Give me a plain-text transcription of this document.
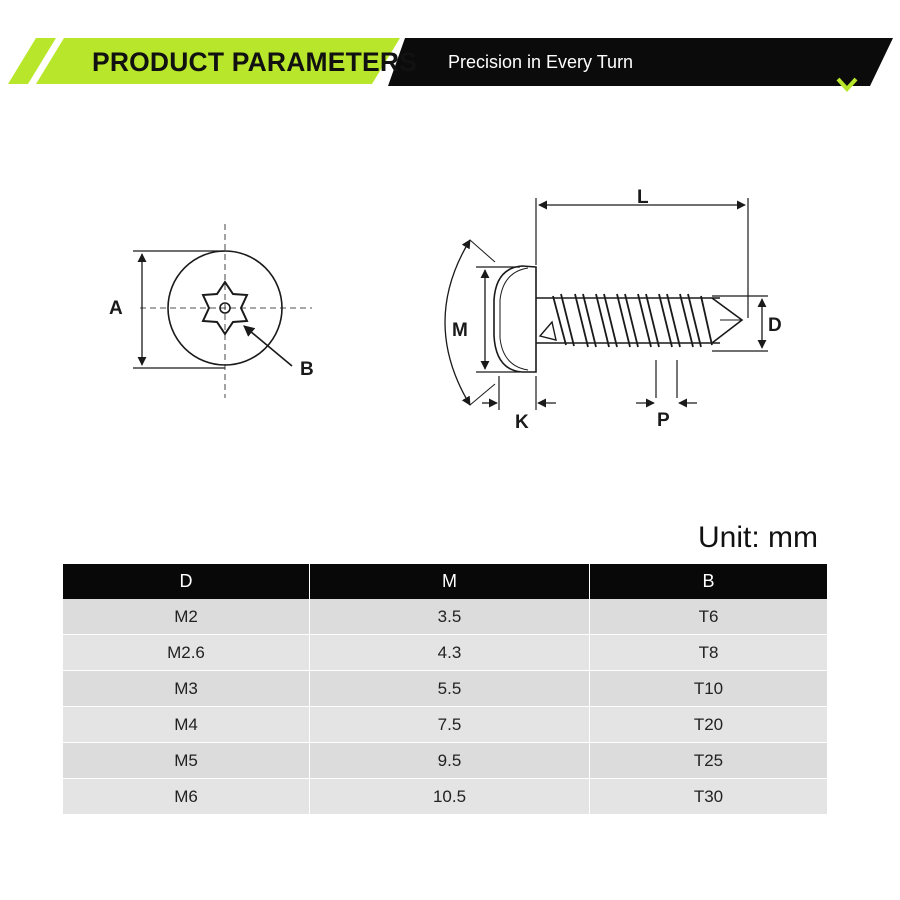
PRODUCT PARAMETERS Precision in Every Turn
A
B
L
M	D
K	P
Unit: mm
D	M	B
M2	3.5	T6
M2.6	4.3	T8
M3	5.5	T10
M4	7.5	T20
M5	9.5	T25
M6	10.5	T30
